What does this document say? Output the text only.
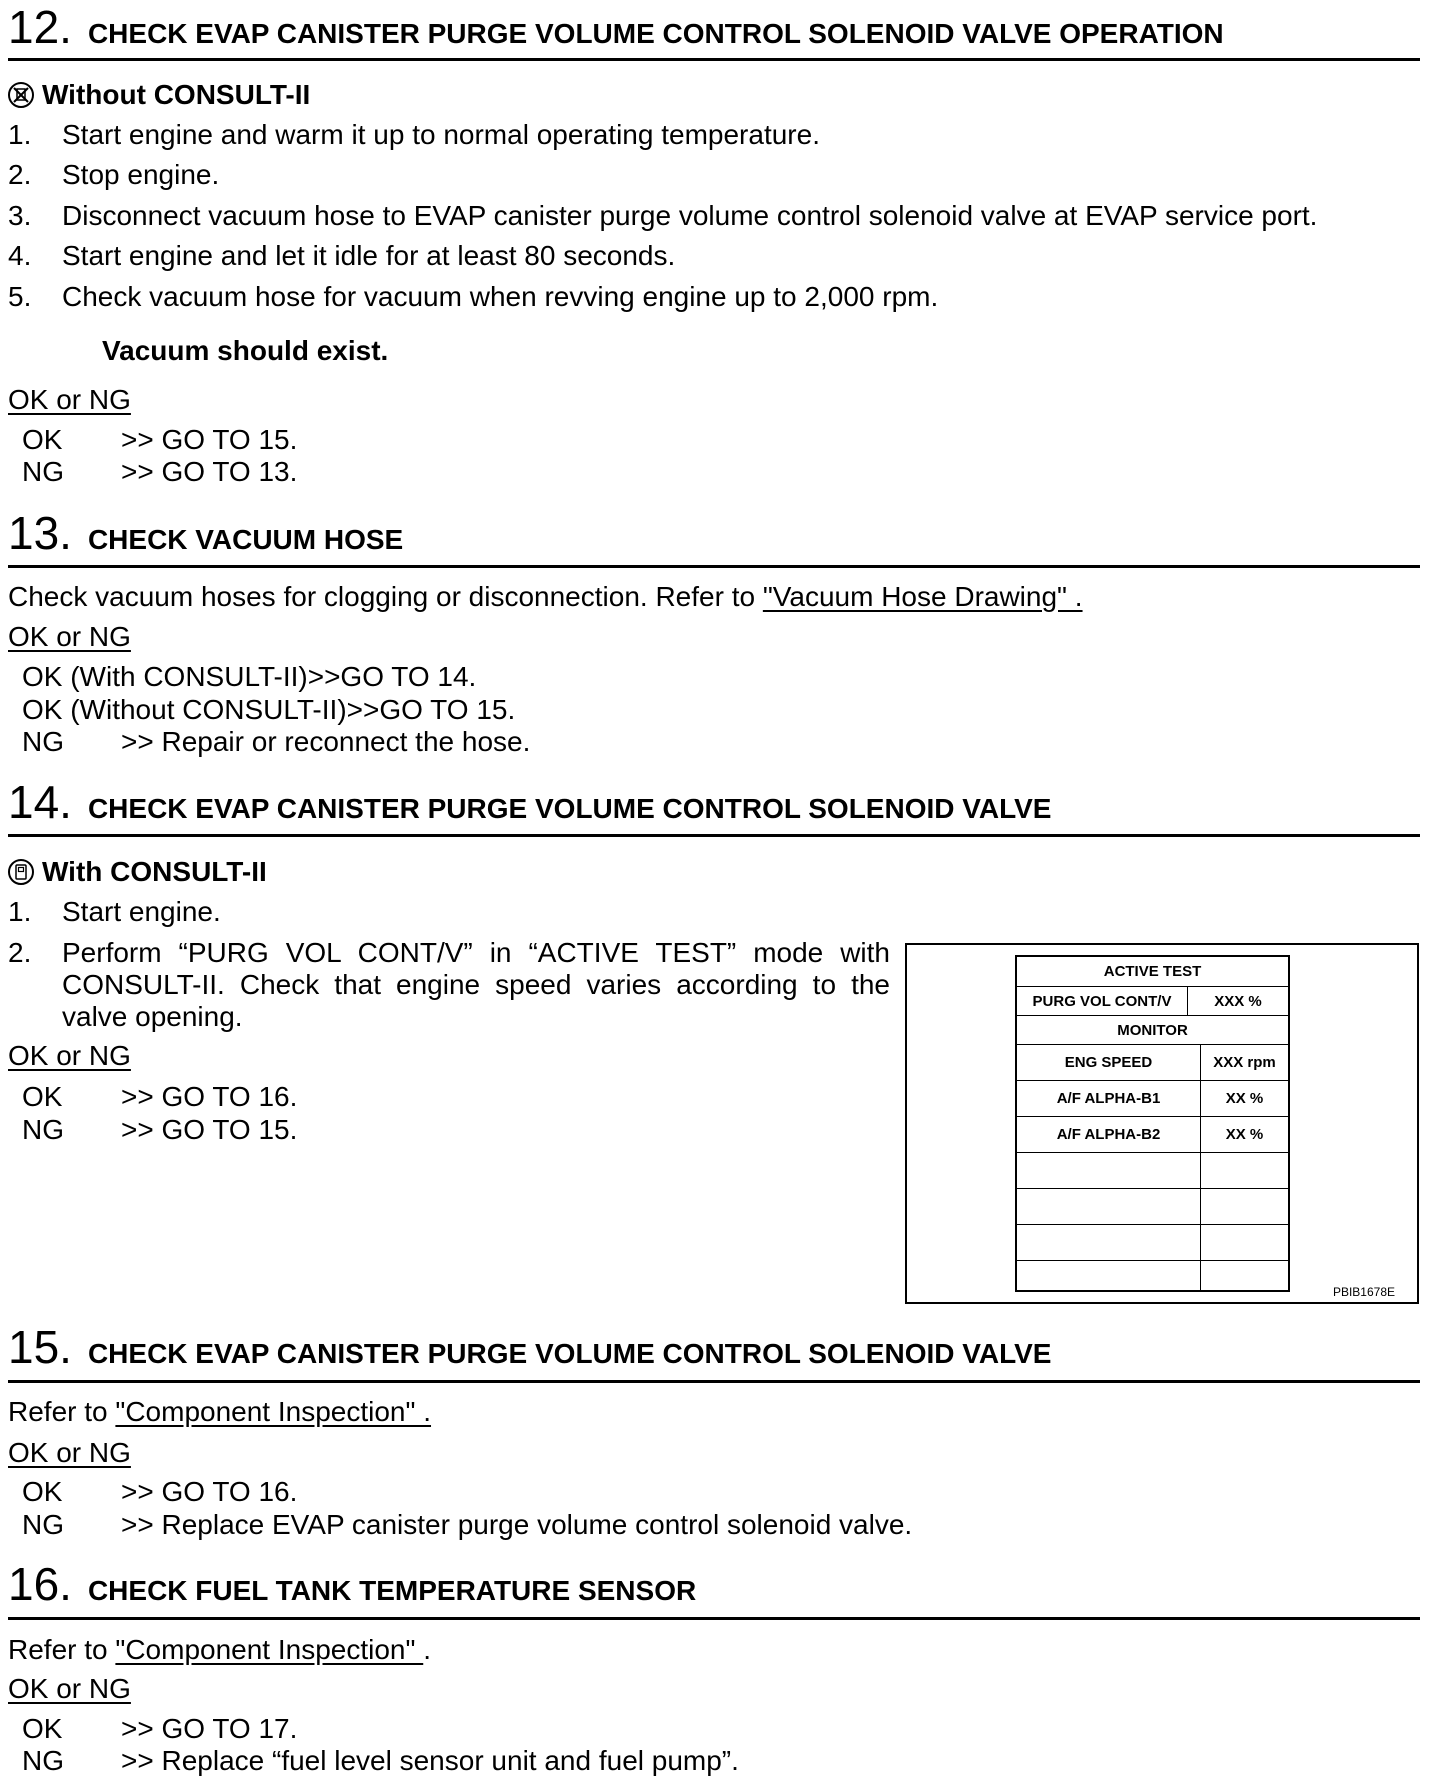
12. CHECK EVAP CANISTER PURGE VOLUME CONTROL SOLENOID VALVE OPERATION
Without CONSULT-II
1. Start engine and warm it up to normal operating temperature.
2. Stop engine.
3. Disconnect vacuum hose to EVAP canister purge volume control solenoid valve at EVAP service port.
4. Start engine and let it idle for at least 80 seconds.
5. Check vacuum hose for vacuum when revving engine up to 2,000 rpm.
Vacuum should exist.
OK or NG
OK >> GO TO 15.
NG >> GO TO 13.
13. CHECK VACUUM HOSE
Check vacuum hoses for clogging or disconnection. Refer to "Vacuum Hose Drawing" .
OK or NG
OK (With CONSULT-II)>>GO TO 14.
OK (Without CONSULT-II)>>GO TO 15.
NG >> Repair or reconnect the hose.
14. CHECK EVAP CANISTER PURGE VOLUME CONTROL SOLENOID VALVE
With CONSULT-II
1. Start engine.
2. Perform “PURG VOL CONT/V” in “ACTIVE TEST” mode with
CONSULT-II. Check that engine speed varies according to the
valve opening.
OK or NG
OK >> GO TO 16.
NG >> GO TO 15.
ACTIVE TEST
PURG VOL CONT/V	XXX %
MONITOR
ENG SPEED	XXX rpm
A/F ALPHA-B1	XX %
A/F ALPHA-B2	XX %
PBIB1678E
15. CHECK EVAP CANISTER PURGE VOLUME CONTROL SOLENOID VALVE
Refer to "Component Inspection" .
OK or NG
OK >> GO TO 16.
NG >> Replace EVAP canister purge volume control solenoid valve.
16. CHECK FUEL TANK TEMPERATURE SENSOR
Refer to "Component Inspection" .
OK or NG
OK >> GO TO 17.
NG >> Replace “fuel level sensor unit and fuel pump”.
